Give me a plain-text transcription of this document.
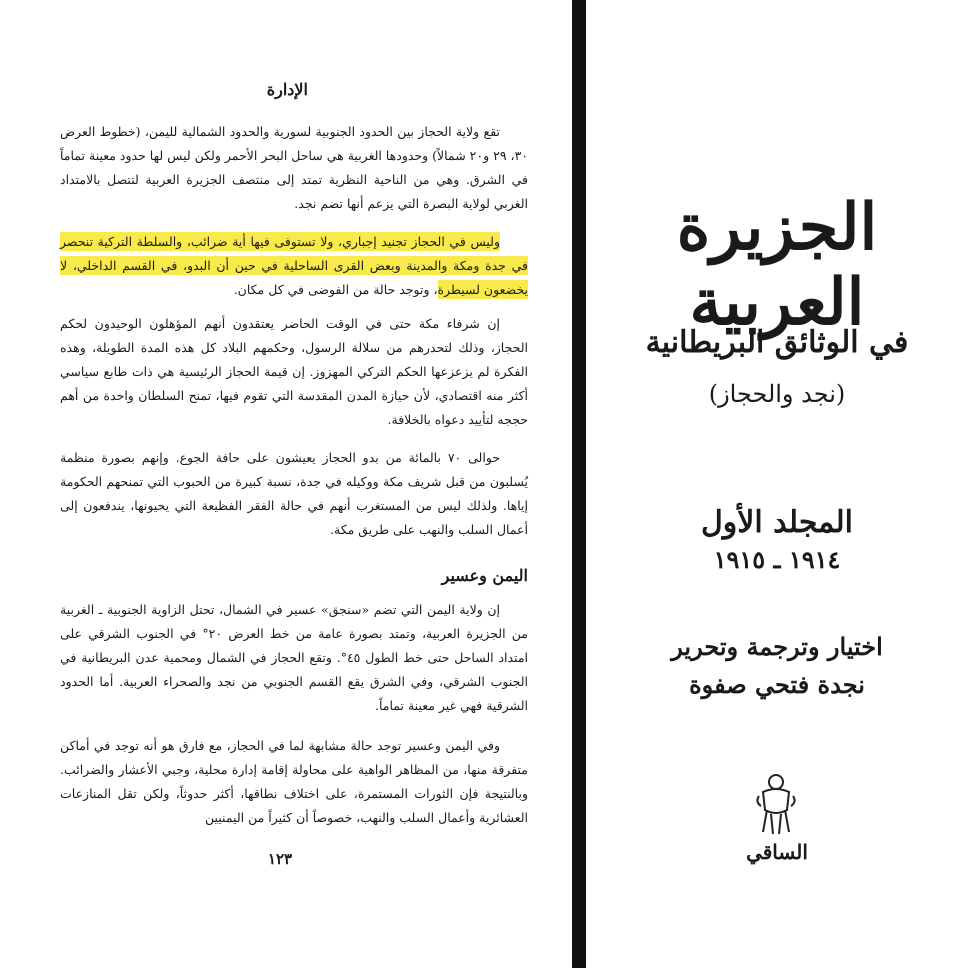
الإدارة

تقع ولاية الحجاز بين الحدود الجنوبية لسورية والحدود الشمالية لليمن، (خطوط العرض ٣٠، ٢٩ و٢٠ شمالاً) وحدودها الغربية هي ساحل البحر الأحمر ولكن ليس لها حدود معينة تماماً في الشرق. وهي من الناحية النظرية تمتد إلى منتصف الجزيرة العربية لتتصل بالامتداد الغربي لولاية البصرة التي يزعم أنها تضم نجد.

وليس في الحجاز تجنيد إجباري، ولا تستوفى فيها أية ضرائب، والسلطة التركية تنحصر في جدة ومكة والمدينة وبعض القرى الساحلية في حين أن البدو، في القسم الداخلي، لا يخضعون لسيطرة، وتوجد حالة من الفوضى في كل مكان.

إن شرفاء مكة حتى في الوقت الحاضر يعتقدون أنهم المؤهلون الوحيدون لحكم الحجاز، وذلك لتحدرهم من سلالة الرسول، وحكمهم البلاد كل هذه المدة الطويلة، وهذه الفكرة لم يزعزعها الحكم التركي المهزوز. إن قيمة الحجاز الرئيسية هي ذات طابع سياسي أكثر منه اقتصادي، لأن حيازة المدن المقدسة التي تقوم فيها، تمنح السلطان واحدة من أهم حججه لتأييد دعواه بالخلافة.

حوالى ٧٠ بالمائة من بدو الحجاز يعيشون على حافة الجوع. وإنهم بصورة منظمة يُسلبون من قبل شريف مكة ووكيله في جدة، نسبة كبيرة من الحبوب التي تمنحهم الحكومة إياها. ولذلك ليس من المستغرب أنهم في حالة الفقر الفظيعة التي يحيونها، يندفعون إلى أعمال السلب والنهب على طريق مكة.

اليمن وعسير

إن ولاية اليمن التي تضم «سنجق» عسير في الشمال، تحتل الزاوية الجنوبية ـ الغربية من الجزيرة العربية، وتمتد بصورة عامة من خط العرض ٢٠° في الجنوب الشرقي على امتداد الساحل حتى خط الطول ٤٥°. وتقع الحجاز في الشمال ومحمية عدن البريطانية في الجنوب الشرقي، وفي الشرق يقع القسم الجنوبي من نجد والصحراء العربية. أما الحدود الشرقية فهي غير معينة تماماً.

وفي اليمن وعسير توجد حالة مشابهة لما في الحجاز، مع فارق هو أنه توجد في أماكن متفرقة منها، من المظاهر الواهية على محاولة إقامة إدارة محلية، وجبي الأعشار والضرائب. وبالنتيجة فإن الثورات المستمرة، على اختلاف نطاقها، أكثر حدوثاً، ولكن تقل المنازعات العشائرية وأعمال السلب والنهب، خصوصاً أن كثيراً من اليمنيين

١٢٣
الجزيرة العربية
في الوثائق البريطانية
(نجد والحجاز)
المجلد الأول
١٩١٤ ـ ١٩١٥
اختيار وترجمة وتحرير
نجدة فتحي صفوة
الساقي
